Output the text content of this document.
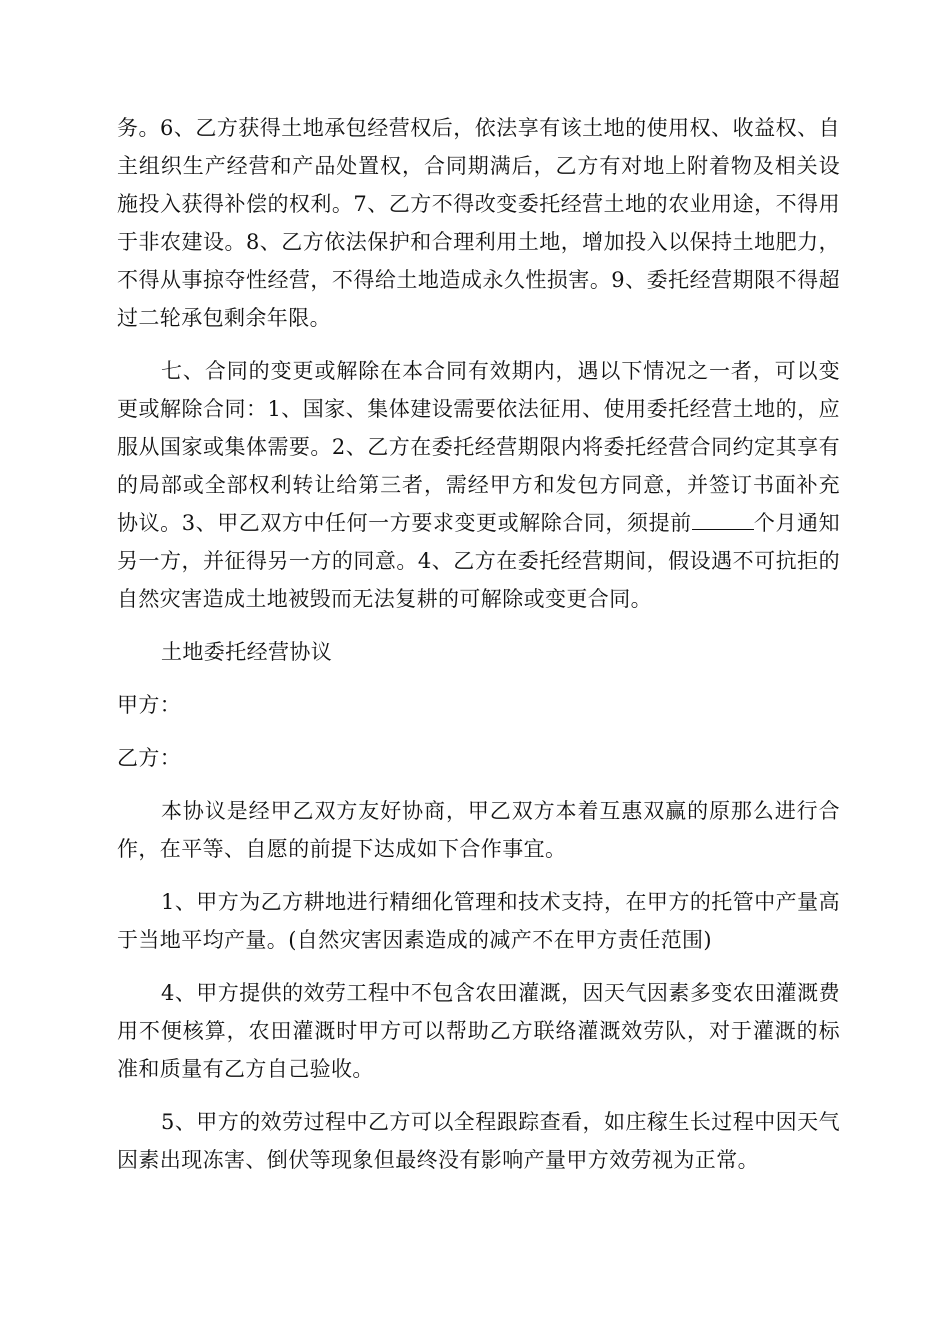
务。6、乙方获得土地承包经营权后，依法享有该土地的使用权、收益权、自主组织生产经营和产品处置权，合同期满后，乙方有对地上附着物及相关设施投入获得补偿的权利。7、乙方不得改变委托经营土地的农业用途，不得用于非农建设。8、乙方依法保护和合理利用土地，增加投入以保持土地肥力，不得从事掠夺性经营，不得给土地造成永久性损害。9、委托经营期限不得超过二轮承包剩余年限。

七、合同的变更或解除在本合同有效期内，遇以下情况之一者，可以变更或解除合同：1、国家、集体建设需要依法征用、使用委托经营土地的，应服从国家或集体需要。2、乙方在委托经营期限内将委托经营合同约定其享有的局部或全部权利转让给第三者，需经甲方和发包方同意，并签订书面补充协议。3、甲乙双方中任何一方要求变更或解除合同，须提前	个月通知另一方，并征得另一方的同意。4、乙方在委托经营期间，假设遇不可抗拒的自然灾害造成土地被毁而无法复耕的可解除或变更合同。

土地委托经营协议

甲方：

乙方：

本协议是经甲乙双方友好协商，甲乙双方本着互惠双赢的原那么进行合作，在平等、自愿的前提下达成如下合作事宜。

1、甲方为乙方耕地进行精细化管理和技术支持，在甲方的托管中产量高于当地平均产量。(自然灾害因素造成的减产不在甲方责任范围)

4、甲方提供的效劳工程中不包含农田灌溉，因天气因素多变农田灌溉费用不便核算，农田灌溉时甲方可以帮助乙方联络灌溉效劳队，对于灌溉的标准和质量有乙方自己验收。

5、甲方的效劳过程中乙方可以全程跟踪查看，如庄稼生长过程中因天气因素出现冻害、倒伏等现象但最终没有影响产量甲方效劳视为正常。
